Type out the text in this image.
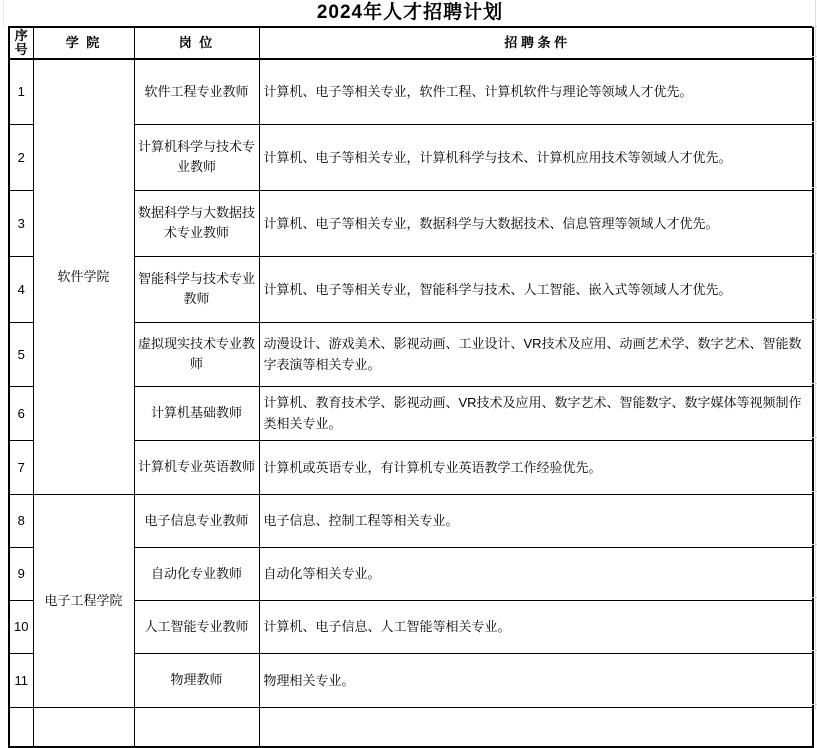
2024年人才招聘计划
序号	学 院	岗 位	招 聘 条 件
1	软件学院	软件工程专业教师	计算机、电子等相关专业，软件工程、计算机软件与理论等领域人才优先。
2		计算机科学与技术专业教师	计算机、电子等相关专业，计算机科学与技术、计算机应用技术等领域人才优先。
3		数据科学与大数据技术专业教师	计算机、电子等相关专业，数据科学与大数据技术、信息管理等领域人才优先。
4		智能科学与技术专业教师	计算机、电子等相关专业，智能科学与技术、人工智能、嵌入式等领域人才优先。
5		虚拟现实技术专业教师	动漫设计、游戏美术、影视动画、工业设计、VR技术及应用、动画艺术学、数字艺术、智能数字表演等相关专业。
6		计算机基础教师	计算机、教育技术学、影视动画、VR技术及应用、数字艺术、智能数字、数字媒体等视频制作类相关专业。
7		计算机专业英语教师	计算机或英语专业，有计算机专业英语教学工作经验优先。
8	电子工程学院	电子信息专业教师	电子信息、控制工程等相关专业。
9		自动化专业教师	自动化等相关专业。
10		人工智能专业教师	计算机、电子信息、人工智能等相关专业。
11		物理教师	物理相关专业。
